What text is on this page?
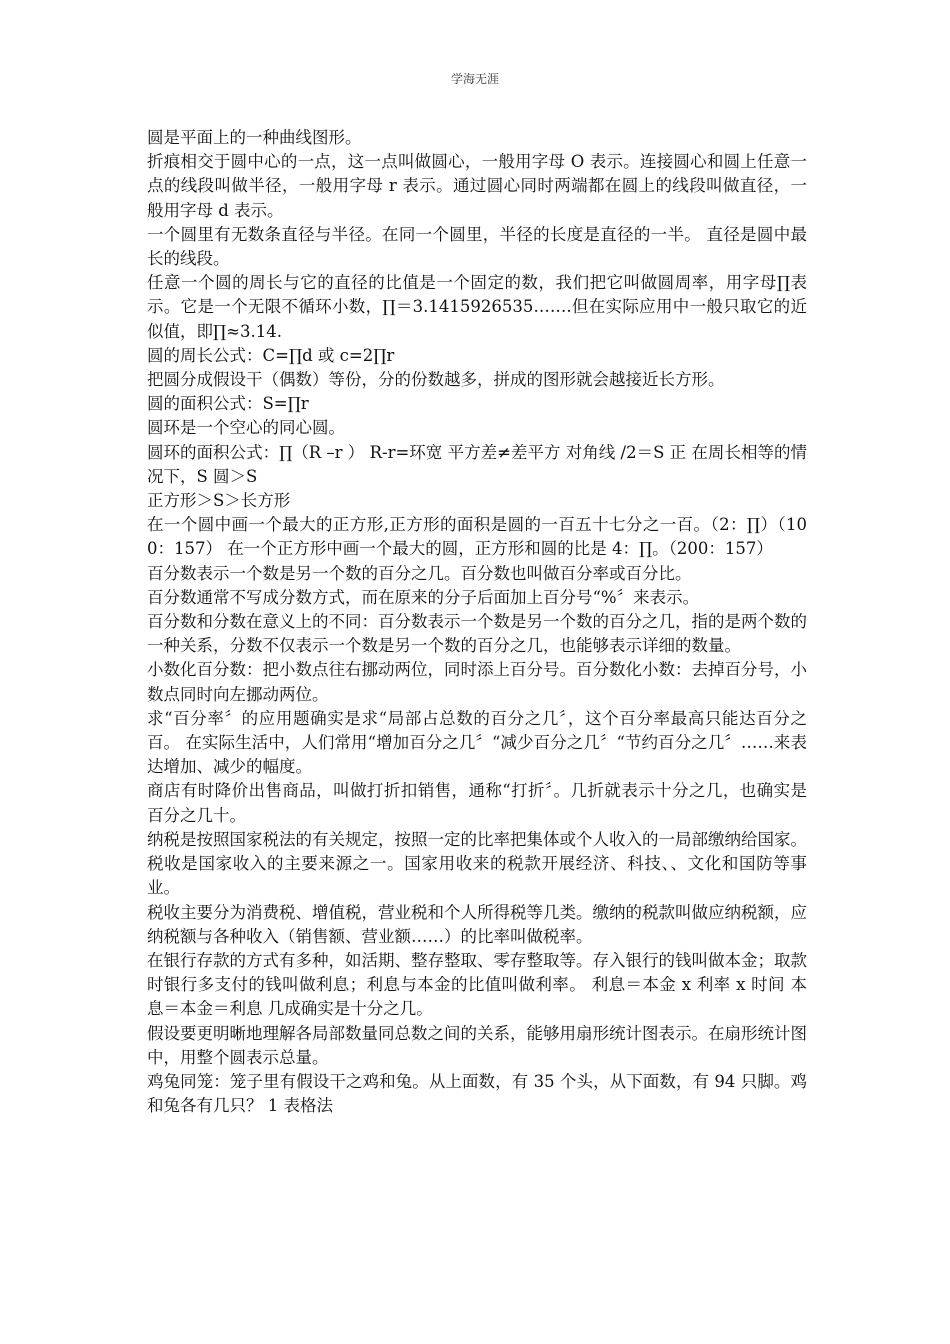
学海无涯

圆是平面上的一种曲线图形。

折痕相交于圆中心的一点，这一点叫做圆心，一般用字母 O 表示。连接圆心和圆上任意一点的线段叫做半径，一般用字母 r 表示。通过圆心同时两端都在圆上的线段叫做直径，一般用字母 d 表示。

一个圆里有无数条直径与半径。在同一个圆里，半径的长度是直径的一半。 直径是圆中最长的线段。

任意一个圆的周长与它的直径的比值是一个固定的数，我们把它叫做圆周率，用字母∏表示。它是一个无限不循环小数，∏＝3.1415926535…….但在实际应用中一般只取它的近似值，即∏≈3.14.

圆的周长公式：C=∏d 或 c=2∏r

把圆分成假设干（偶数）等份，分的份数越多，拼成的图形就会越接近长方形。

圆的面积公式：S=∏r

圆环是一个空心的同心圆。

圆环的面积公式：∏（R –r ） R-r=环宽 平方差≠差平方 对角线 /2＝S 正 在周长相等的情况下，S 圆＞S

正方形＞S＞长方形

在一个圆中画一个最大的正方形,正方形的面积是圆的一百五十七分之一百。（2：∏）（100：157） 在一个正方形中画一个最大的圆，正方形和圆的比是 4：∏。（200：157）

百分数表示一个数是另一个数的百分之几。百分数也叫做百分率或百分比。

百分数通常不写成分数方式，而在原来的分子后面加上百分号“%〞来表示。

百分数和分数在意义上的不同：百分数表示一个数是另一个数的百分之几，指的是两个数的 一种关系，分数不仅表示一个数是另一个数的百分之几，也能够表示详细的数量。

小数化百分数：把小数点往右挪动两位，同时添上百分号。百分数化小数：去掉百分号，小 数点同时向左挪动两位。

求“百分率〞的应用题确实是求“局部占总数的百分之几〞，这个百分率最高只能达百分之百。 在实际生活中，人们常用“增加百分之几〞“减少百分之几〞“节约百分之几〞……来表达增加、减少的幅度。

商店有时降价出售商品，叫做打折扣销售，通称“打折〞。几折就表示十分之几，也确实是百分之几十。

纳税是按照国家税法的有关规定，按照一定的比率把集体或个人收入的一局部缴纳给国家。税收是国家收入的主要来源之一。国家用收来的税款开展经济、科技、、文化和国防等事业。

税收主要分为消费税、增值税，营业税和个人所得税等几类。缴纳的税款叫做应纳税额，应纳税额与各种收入（销售额、营业额……）的比率叫做税率。

在银行存款的方式有多种，如活期、整存整取、零存整取等。存入银行的钱叫做本金；取款时银行多支付的钱叫做利息；利息与本金的比值叫做利率。 利息＝本金 x 利率 x 时间 本息＝本金＝利息 几成确实是十分之几。

假设要更明晰地理解各局部数量同总数之间的关系，能够用扇形统计图表示。在扇形统计图中，用整个圆表示总量。

鸡兔同笼：笼子里有假设干之鸡和兔。从上面数，有 35 个头，从下面数，有 94 只脚。鸡和兔各有几只？ 1 表格法
